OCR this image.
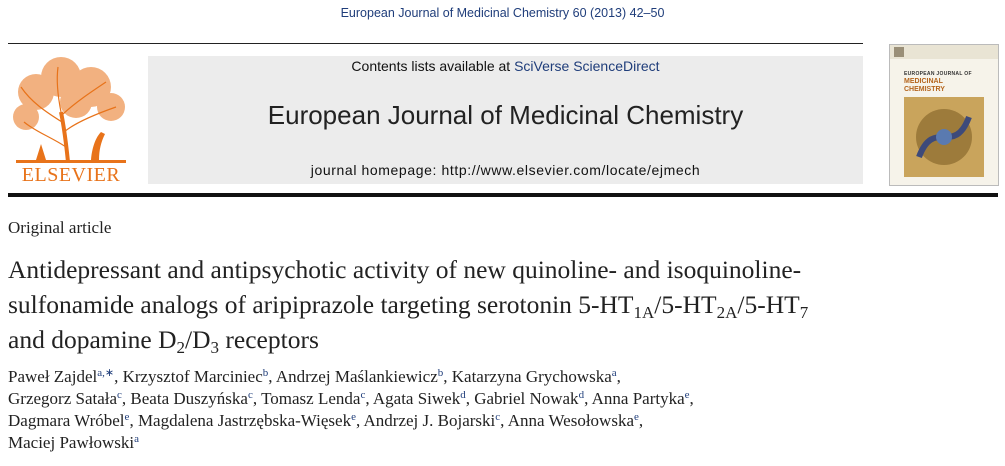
European Journal of Medicinal Chemistry 60 (2013) 42–50
ELSEVIER
Contents lists available at SciVerse ScienceDirect
European Journal of Medicinal Chemistry
journal homepage: http://www.elsevier.com/locate/ejmech
EUROPEAN JOURNAL OF
MEDICINAL
CHEMISTRY
Original article
Antidepressant and antipsychotic activity of new quinoline- and isoquinoline-
sulfonamide analogs of aripiprazole targeting serotonin $5-HT_{1A}/5-HT_{2A}/5-HT_7$
and dopamine $D_2/D_3$ receptors
Paweł Zajdel$^{a,∗}$, Krzysztof Marciniec$^b$, Andrzej Maślankiewicz$^b$, Katarzyna Grychowska$^a$,
Grzegorz Satała$^c$, Beata Duszyńska$^c$, Tomasz Lenda$^c$, Agata Siwek$^d$, Gabriel Nowak$^d$, Anna Partyka$^e$,
Dagmara Wróbel$^e$, Magdalena Jastrzębska-Więsek$^e$, Andrzej J. Bojarski$^c$, Anna Wesołowska$^e$,
Maciej Pawłowski$^a$
